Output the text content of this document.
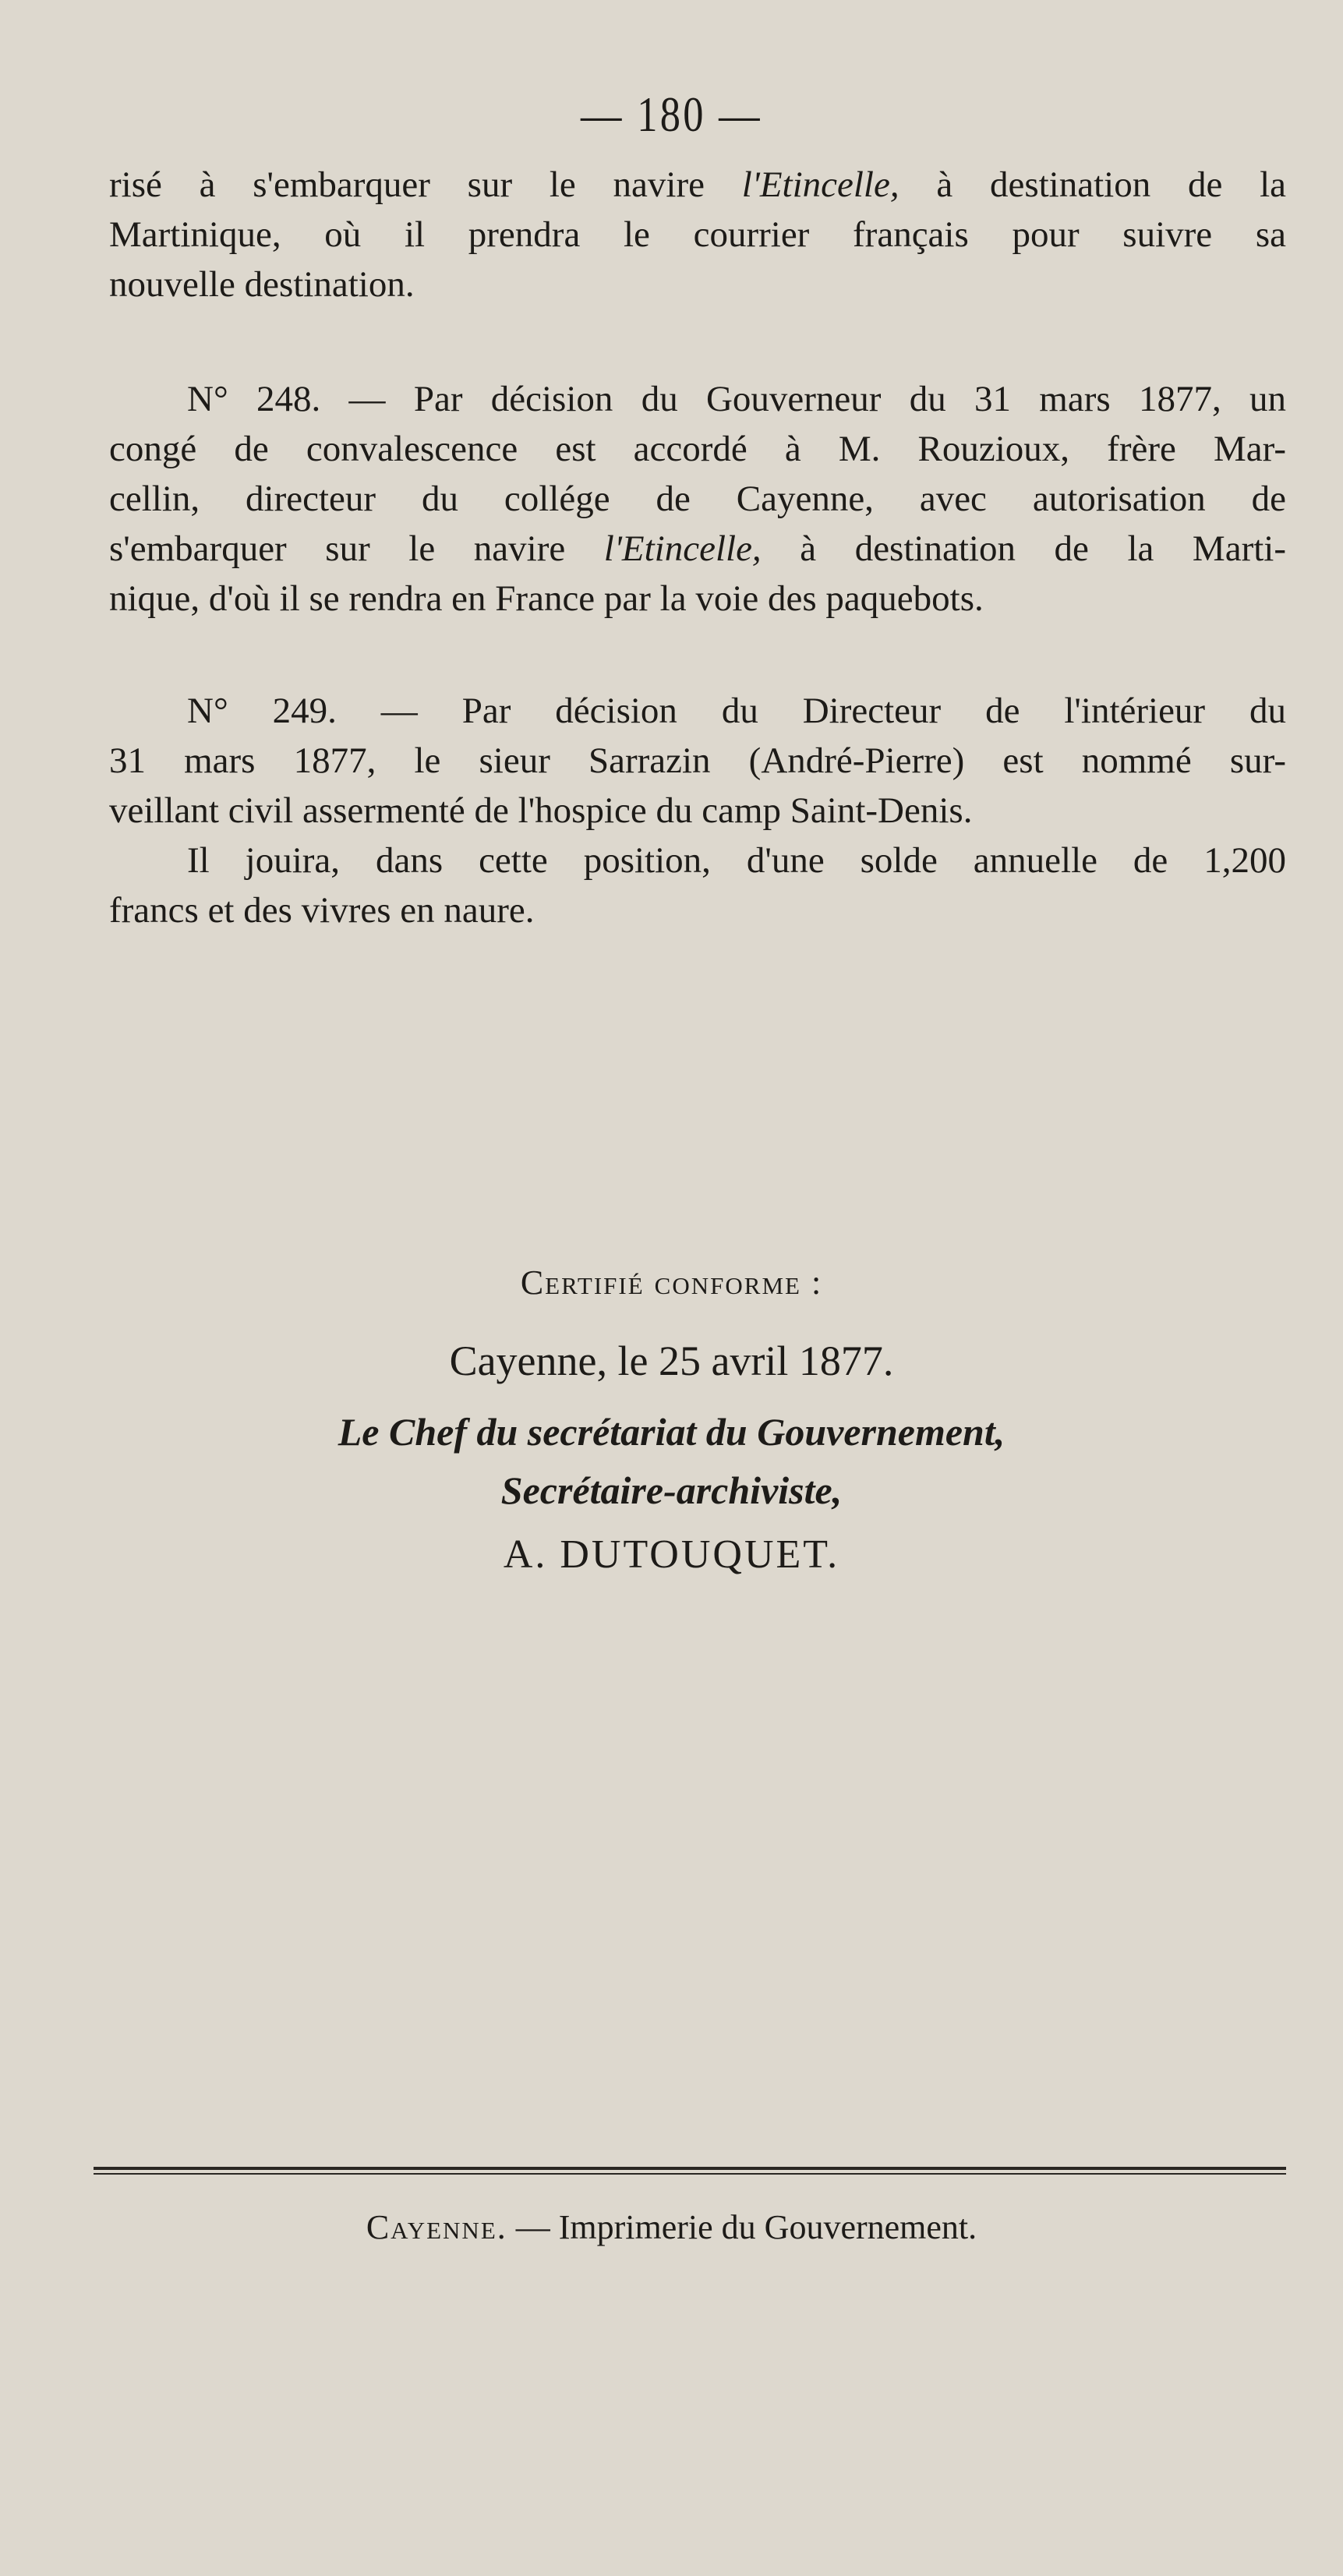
— 180 —
risé à s'embarquer sur le navire l'Etincelle, à destination de la
Martinique, où il prendra le courrier français pour suivre sa
nouvelle destination.
N° 248. — Par décision du Gouverneur du 31 mars 1877, un
congé de convalescence est accordé à M. Rouzioux, frère Mar-
cellin, directeur du collége de Cayenne, avec autorisation de
s'embarquer sur le navire l'Etincelle, à destination de la Marti-
nique, d'où il se rendra en France par la voie des paquebots.
N° 249. — Par décision du Directeur de l'intérieur du
31 mars 1877, le sieur Sarrazin (André-Pierre) est nommé sur-
veillant civil assermenté de l'hospice du camp Saint-Denis.
Il jouira, dans cette position, d'une solde annuelle de 1,200
francs et des vivres en naure.
Certifié conforme :
Cayenne, le 25 avril 1877.
Le Chef du secrétariat du Gouvernement,
Secrétaire-archiviste,
A. DUTOUQUET.
Cayenne. — Imprimerie du Gouvernement.
